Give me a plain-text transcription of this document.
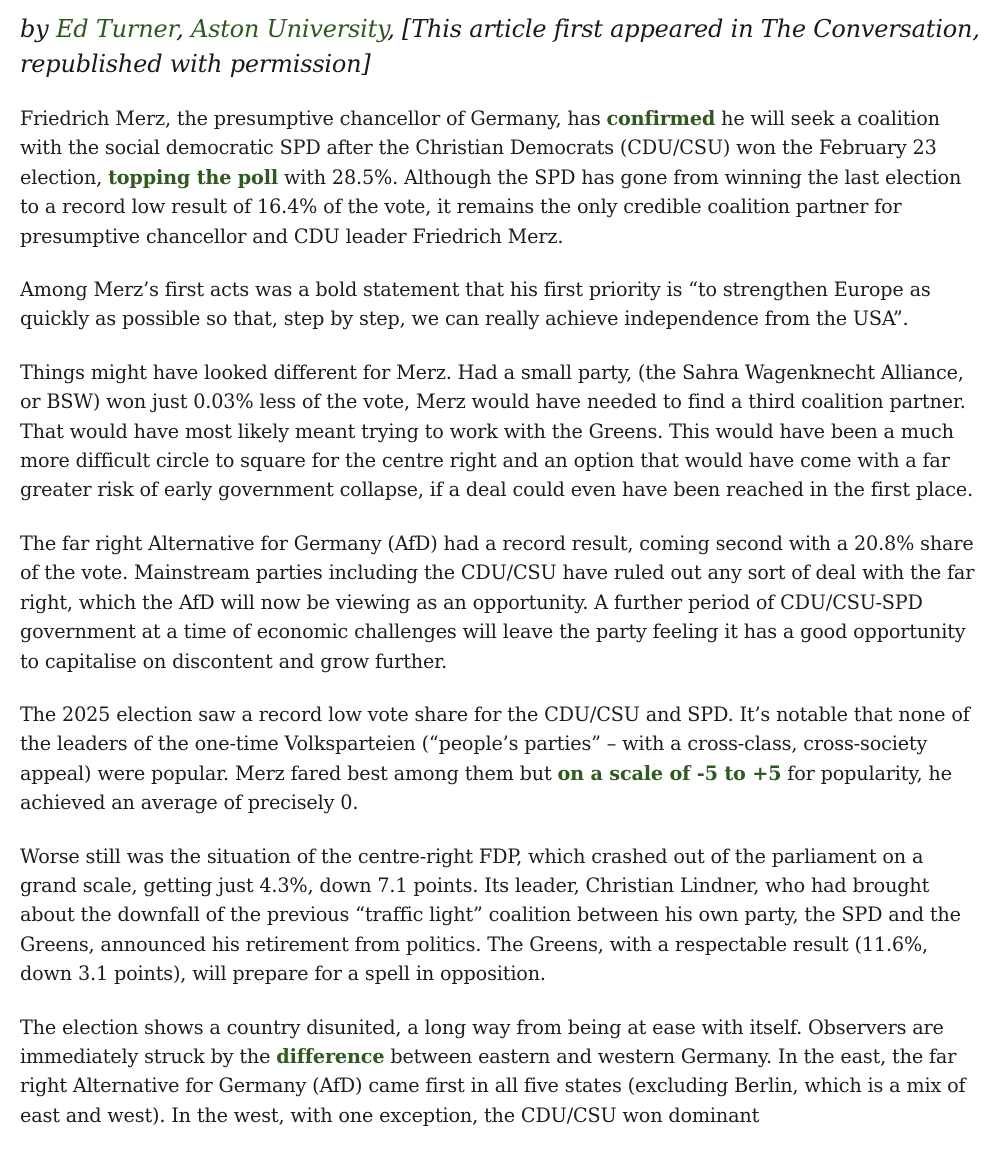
by Ed Turner, Aston University, [This article first appeared in The Conversation, republished with permission]

Friedrich Merz, the presumptive chancellor of Germany, has confirmed he will seek a coalition with the social democratic SPD after the Christian Democrats (CDU/CSU) won the February 23 election, topping the poll with 28.5%. Although the SPD has gone from winning the last election to a record low result of 16.4% of the vote, it remains the only credible coalition partner for presumptive chancellor and CDU leader Friedrich Merz.

Among Merz’s first acts was a bold statement that his first priority is “to strengthen Europe as quickly as possible so that, step by step, we can really achieve independence from the USA”.

Things might have looked different for Merz. Had a small party, (the Sahra Wagenknecht Alliance, or BSW) won just 0.03% less of the vote, Merz would have needed to find a third coalition partner. That would have most likely meant trying to work with the Greens. This would have been a much more difficult circle to square for the centre right and an option that would have come with a far greater risk of early government collapse, if a deal could even have been reached in the first place.

The far right Alternative for Germany (AfD) had a record result, coming second with a 20.8% share of the vote. Mainstream parties including the CDU/CSU have ruled out any sort of deal with the far right, which the AfD will now be viewing as an opportunity. A further period of CDU/CSU-SPD government at a time of economic challenges will leave the party feeling it has a good opportunity to capitalise on discontent and grow further.

The 2025 election saw a record low vote share for the CDU/CSU and SPD. It’s notable that none of the leaders of the one-time Volksparteien (“people’s parties” – with a cross-class, cross-society appeal) were popular. Merz fared best among them but on a scale of -5 to +5 for popularity, he achieved an average of precisely 0.

Worse still was the situation of the centre-right FDP, which crashed out of the parliament on a grand scale, getting just 4.3%, down 7.1 points. Its leader, Christian Lindner, who had brought about the downfall of the previous “traffic light” coalition between his own party, the SPD and the Greens, announced his retirement from politics. The Greens, with a respectable result (11.6%, down 3.1 points), will prepare for a spell in opposition.

The election shows a country disunited, a long way from being at ease with itself. Observers are immediately struck by the difference between eastern and western Germany. In the east, the far right Alternative for Germany (AfD) came first in all five states (excluding Berlin, which is a mix of east and west). In the west, with one exception, the CDU/CSU won dominant
